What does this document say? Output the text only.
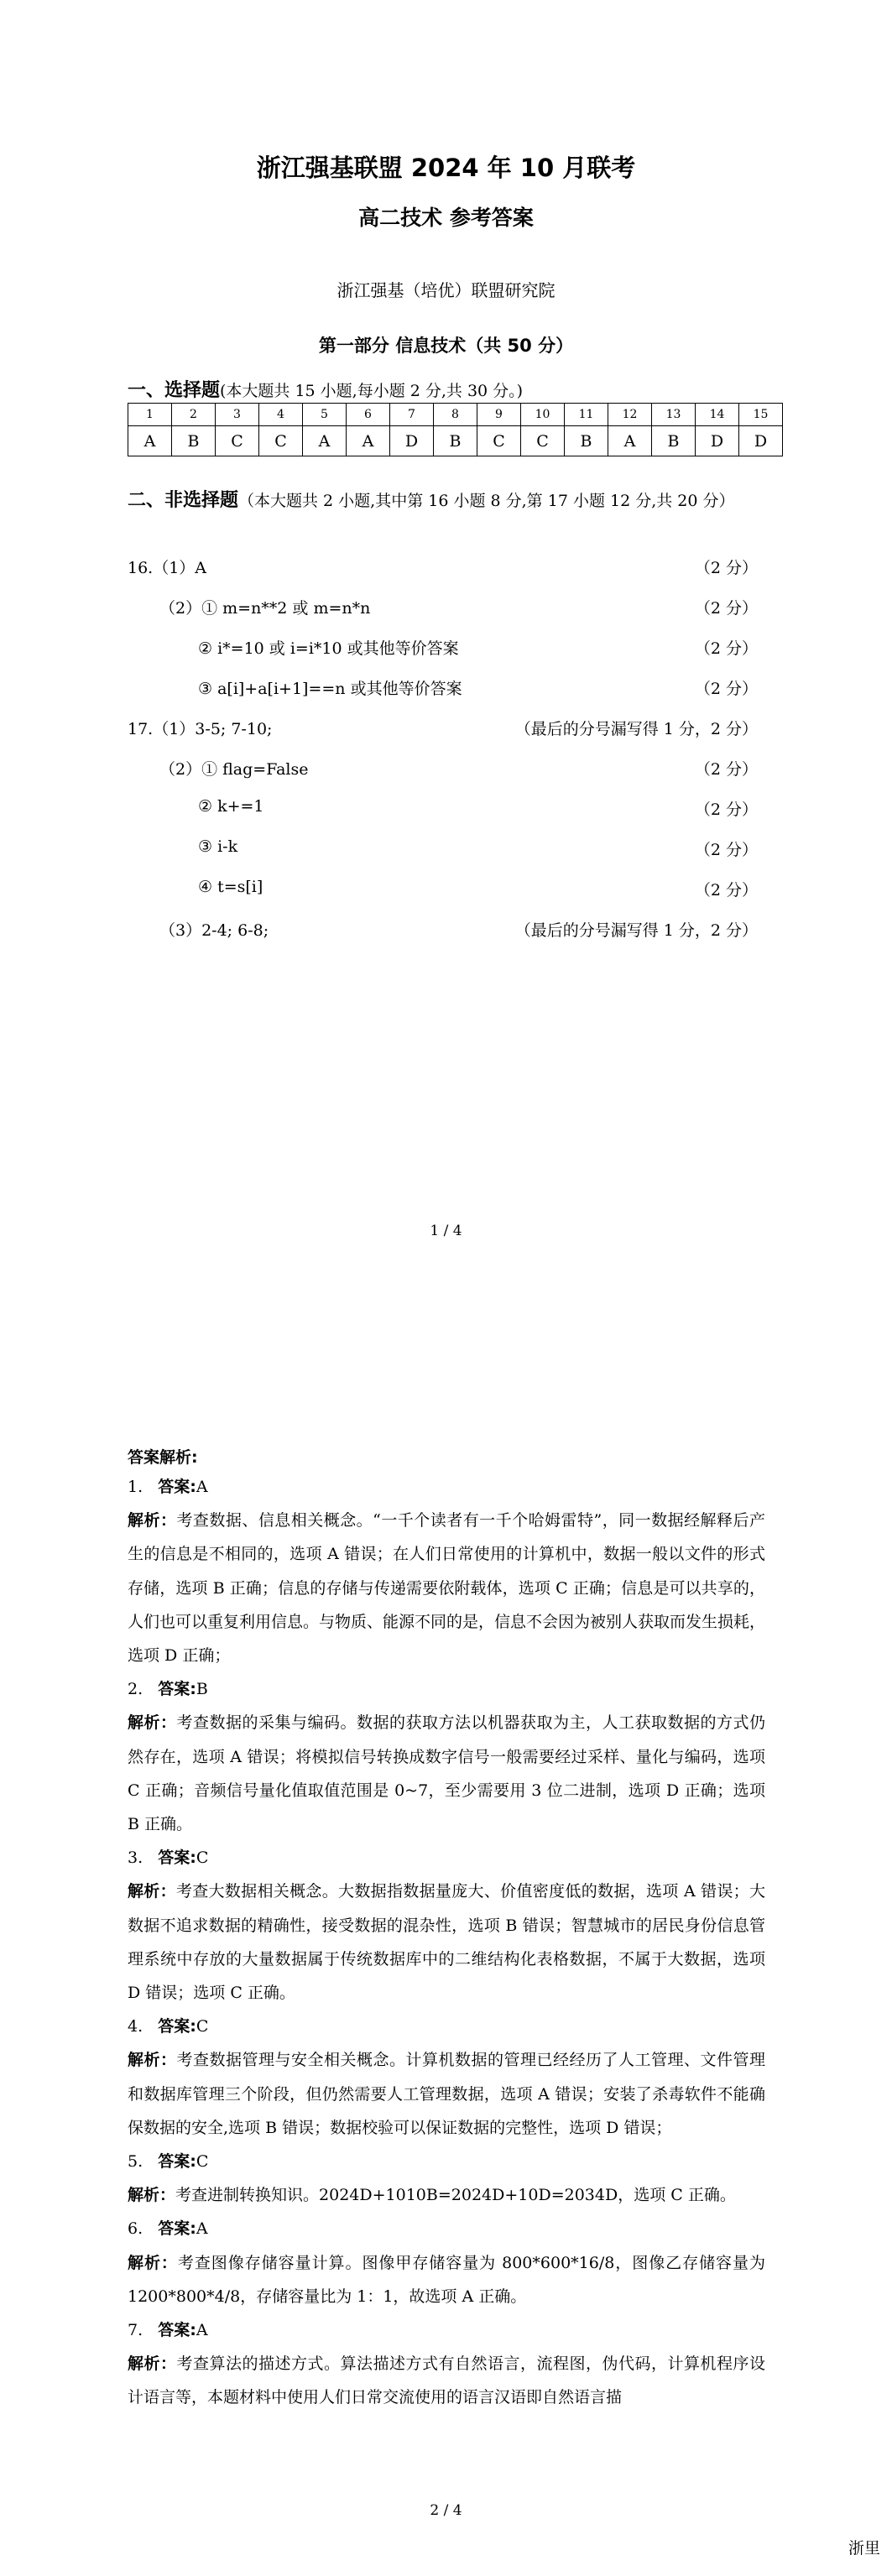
浙江强基联盟 2024 年 10 月联考
高二技术 参考答案
浙江强基（培优）联盟研究院
第一部分 信息技术（共 50 分）
一、选择题(本大题共 15 小题,每小题 2 分,共 30 分。)
1	2	3	4	5	6	7	8	9	10	11	12	13	14	15
A	B	C	C	A	A	D	B	C	C	B	A	B	D	D
二、非选择题（本大题共 2 小题,其中第 16 小题 8 分,第 17 小题 12 分,共 20 分）
16.（1）A	（2 分）
（2）① m=n**2 或 m=n*n	（2 分）
② i*=10 或 i=i*10 或其他等价答案	（2 分）
③ a[i]+a[i+1]==n 或其他等价答案	（2 分）
17.（1）3-5; 7-10;	（最后的分号漏写得 1 分，2 分）
（2）① flag=False	（2 分）
② k+=1	（2 分）
③ i-k	（2 分）
④ t=s[i]	（2 分）
（3）2-4; 6-8;	（最后的分号漏写得 1 分，2 分）
1 / 4
答案解析:

1. 答案:A

解析：考查数据、信息相关概念。“一千个读者有一千个哈姆雷特”，同一数据经解释后产生的信息是不相同的，选项 A 错误；在人们日常使用的计算机中，数据一般以文件的形式存储，选项 B 正确；信息的存储与传递需要依附载体，选项 C 正确；信息是可以共享的，人们也可以重复利用信息。与物质、能源不同的是，信息不会因为被别人获取而发生损耗，选项 D 正确；

2. 答案:B

解析：考查数据的采集与编码。数据的获取方法以机器获取为主，人工获取数据的方式仍然存在，选项 A 错误；将模拟信号转换成数字信号一般需要经过采样、量化与编码，选项 C 正确；音频信号量化值取值范围是 0~7，至少需要用 3 位二进制，选项 D 正确；选项 B 正确。

3. 答案:C

解析：考查大数据相关概念。大数据指数据量庞大、价值密度低的数据，选项 A 错误；大数据不追求数据的精确性，接受数据的混杂性，选项 B 错误；智慧城市的居民身份信息管理系统中存放的大量数据属于传统数据库中的二维结构化表格数据，不属于大数据，选项 D 错误；选项 C 正确。

4. 答案:C

解析：考查数据管理与安全相关概念。计算机数据的管理已经经历了人工管理、文件管理和数据库管理三个阶段，但仍然需要人工管理数据，选项 A 错误；安装了杀毒软件不能确保数据的安全,选项 B 错误；数据校验可以保证数据的完整性，选项 D 错误；

5. 答案:C

解析：考查进制转换知识。2024D+1010B=2024D+10D=2034D，选项 C 正确。

6. 答案:A

解析：考查图像存储容量计算。图像甲存储容量为 800*600*16/8，图像乙存储容量为 1200*800*4/8，存储容量比为 1：1，故选项 A 正确。

7. 答案:A

解析：考查算法的描述方式。算法描述方式有自然语言，流程图，伪代码，计算机程序设计语言等，本题材料中使用人们日常交流使用的语言汉语即自然语言描

2 / 4
浙里
